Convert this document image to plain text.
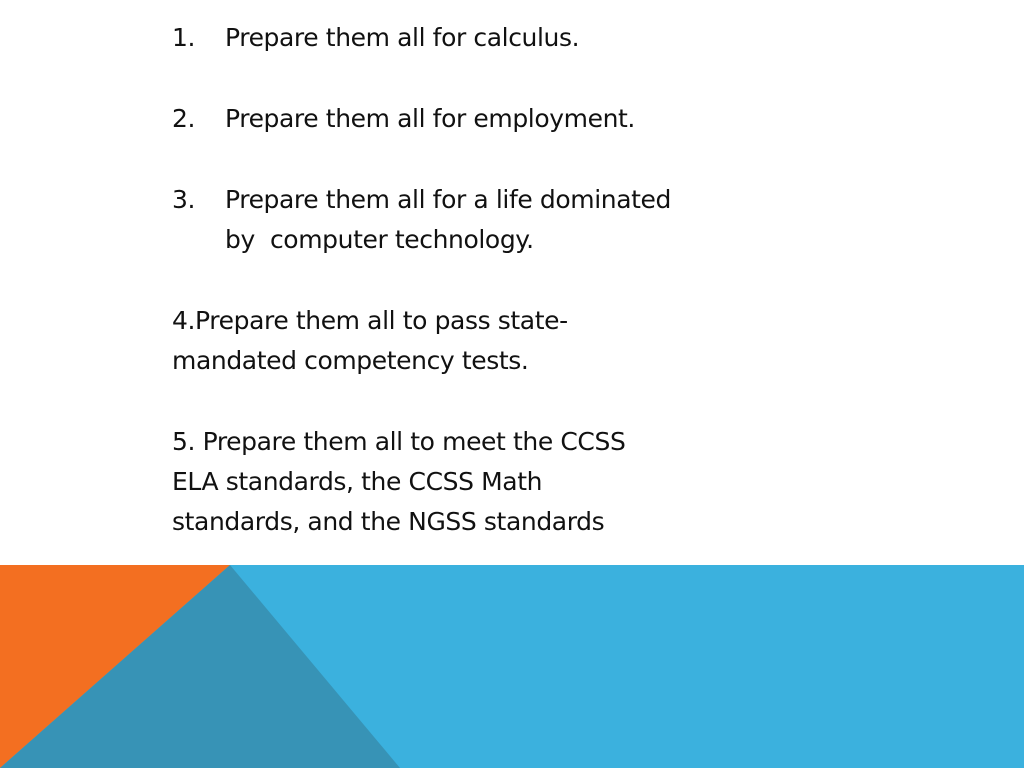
1.	Prepare them all for calculus.
2.	Prepare them all for employment.
3.	Prepare them all for a life dominated
by  computer technology.
4.Prepare them all to pass state-
mandated competency tests.
5. Prepare them all to meet the CCSS
ELA standards, the CCSS Math
standards, and the NGSS standards
